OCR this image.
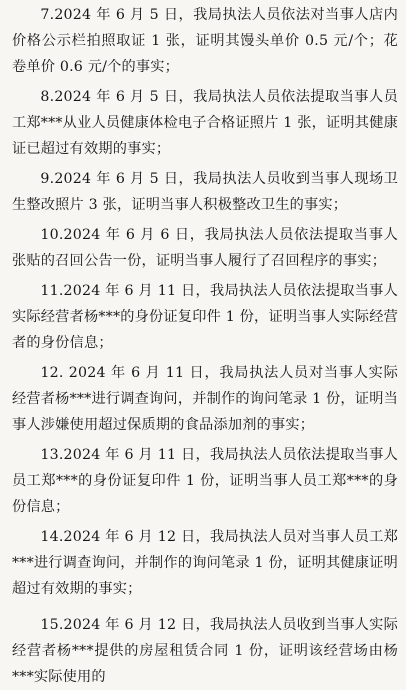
7.2024 年 6 月 5 日，我局执法人员依法对当事人店内价格公示栏拍照取证 1 张，证明其馒头单价 0.5 元/个；花卷单价 0.6 元/个的事实；

8.2024 年 6 月 5 日，我局执法人员依法提取当事人员工郑***从业人员健康体检电子合格证照片 1 张，证明其健康证已超过有效期的事实；

9.2024 年 6 月 5 日，我局执法人员收到当事人现场卫生整改照片 3 张，证明当事人积极整改卫生的事实；

10.2024 年 6 月 6 日，我局执法人员依法提取当事人张贴的召回公告一份，证明当事人履行了召回程序的事实；

11.2024 年 6 月 11 日，我局执法人员依法提取当事人实际经营者杨***的身份证复印件 1 份，证明当事人实际经营者的身份信息；

12. 2024 年 6 月 11 日，我局执法人员对当事人实际经营者杨***进行调查询问，并制作的询问笔录 1 份，证明当事人涉嫌使用超过保质期的食品添加剂的事实；

13.2024 年 6 月 11 日，我局执法人员依法提取当事人员工郑***的身份证复印件 1 份，证明当事人员工郑***的身份信息；

14.2024 年 6 月 12 日，我局执法人员对当事人员工郑***进行调查询问，并制作的询问笔录 1 份，证明其健康证明超过有效期的事实；

15.2024 年 6 月 12 日，我局执法人员收到当事人实际经营者杨***提供的房屋租赁合同 1 份，证明该经营场由杨***实际使用的
